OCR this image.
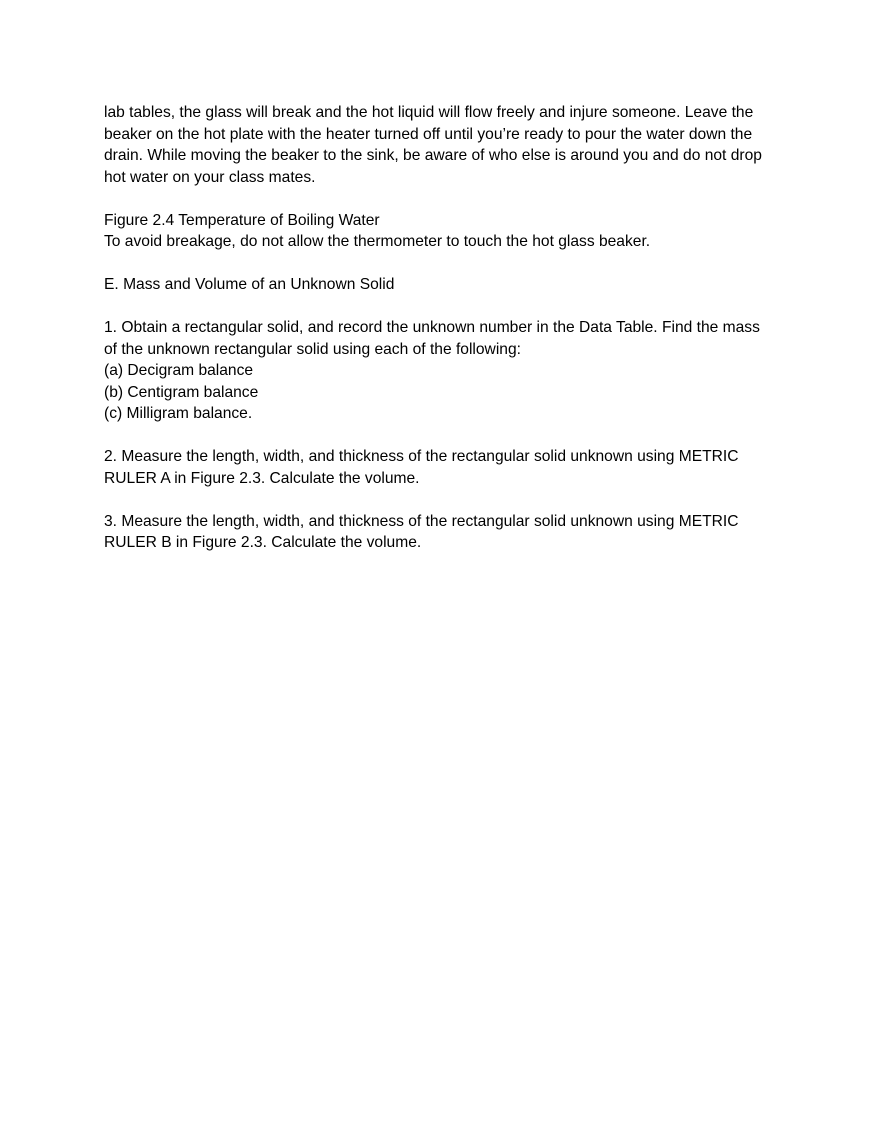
lab tables, the glass will break and the hot liquid will flow freely and injure someone. Leave the
beaker on the hot plate with the heater turned off until you’re ready to pour the water down the
drain. While moving the beaker to the sink, be aware of who else is around you and do not drop
hot water on your class mates.

Figure 2.4 Temperature of Boiling Water
To avoid breakage, do not allow the thermometer to touch the hot glass beaker.

E. Mass and Volume of an Unknown Solid

1. Obtain a rectangular solid, and record the unknown number in the Data Table. Find the mass
of the unknown rectangular solid using each of the following:
(a) Decigram balance
(b) Centigram balance
(c) Milligram balance.

2. Measure the length, width, and thickness of the rectangular solid unknown using METRIC
RULER A in Figure 2.3. Calculate the volume.

3. Measure the length, width, and thickness of the rectangular solid unknown using METRIC
RULER B in Figure 2.3. Calculate the volume.
